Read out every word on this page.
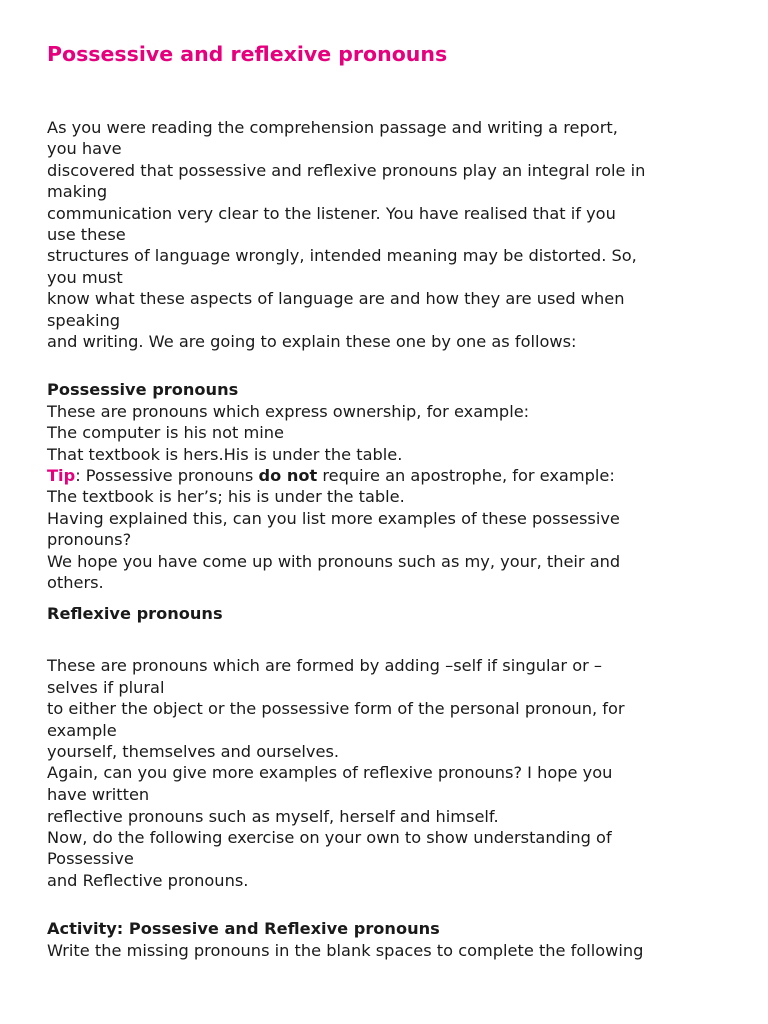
Possessive and reflexive pronouns

As you were reading the comprehension passage and writing a report,

you have

discovered that possessive and reflexive pronouns play an integral role in

making

communication very clear to the listener. You have realised that if you

use these

structures of language wrongly, intended meaning may be distorted. So,

you must

know what these aspects of language are and how they are used when

speaking

and writing. We are going to explain these one by one as follows:

Possessive pronouns

These are pronouns which express ownership, for example:

The computer is his not mine

That textbook is hers.His is under the table.

Tip: Possessive pronouns do not require an apostrophe, for example:

The textbook is her’s; his is under the table.

Having explained this, can you list more examples of these possessive

pronouns?

We hope you have come up with pronouns such as my, your, their and

others.

Reflexive pronouns

These are pronouns which are formed by adding –self if singular or –

selves if plural

to either the object or the possessive form of the personal pronoun, for

example

yourself, themselves and ourselves.

Again, can you give more examples of reflexive pronouns? I hope you

have written

reflective pronouns such as myself, herself and himself.

Now, do the following exercise on your own to show understanding of

Possessive

and Reflective pronouns.

Activity: Possesive and Reflexive pronouns

Write the missing pronouns in the blank spaces to complete the following
